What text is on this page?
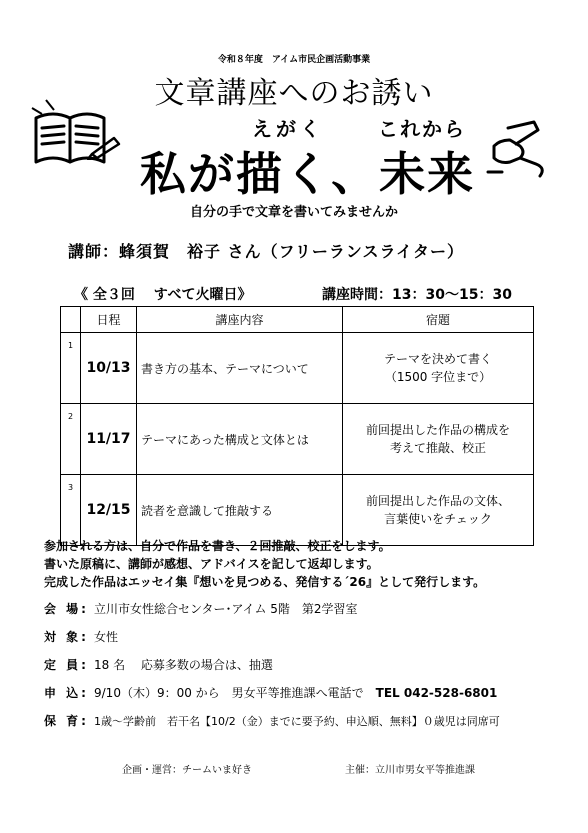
令和８年度　アイム市民企画活動事業
文章講座へのお誘い
えがく	これから
私が描く、未来
自分の手で文章を書いてみませんか
講師：蜂須賀　裕子 さん（フリーランスライター）
《 全３回　 すべて火曜日》	講座時間：13：30〜15：30
	日程	講座内容	宿題
1	10/13	書き方の基本、テーマについて	テーマを決めて書く
（1500 字位まで）

2	11/17	テーマにあった構成と文体とは	前回提出した作品の構成を
考えて推敲、校正

3	12/15	読者を意識して推敲する	前回提出した作品の文体、
言葉使いをチェック
参加される方は、自分で作品を書き、２回推敲、校正をします。
書いた原稿に、講師が感想、アドバイスを記して返却します。
完成した作品はエッセイ集『想いを見つめる、発信する´26』として発行します。
会 場: 立川市女性総合センター･アイム 5階　第2学習室
対 象: 女性
定 員: 18 名　 応募多数の場合は、抽選
申 込: 9/10（木）9：00 から　男女平等推進課へ電話で　TEL 042-528-6801
保 育: 1歳〜学齢前　若干名【10/2（金）までに要予約、申込順、無料】０歳児は同席可
企画・運営：チームいま好き	主催：立川市男女平等推進課
